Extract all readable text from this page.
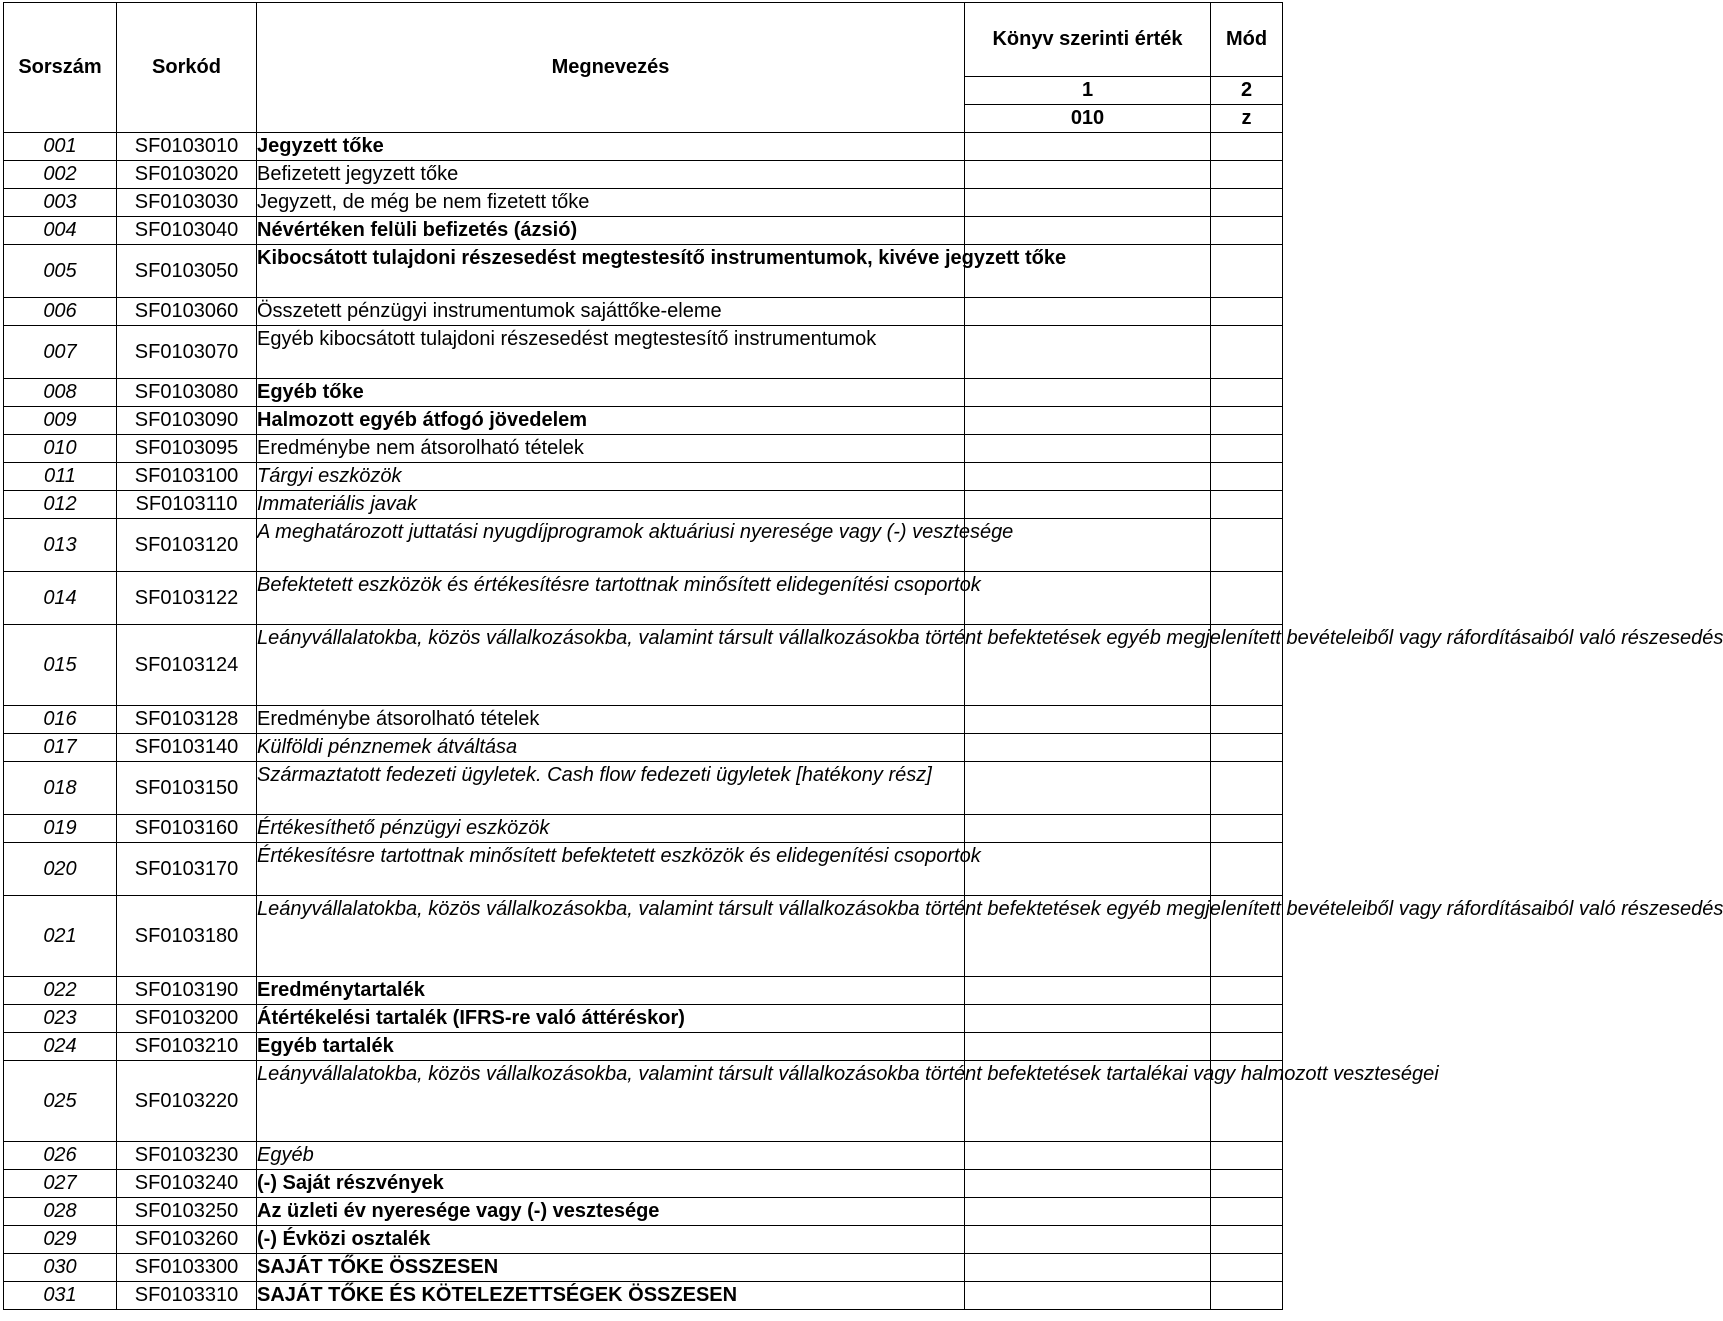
Sorszám	Sorkód	Megnevezés	Könyv szerinti érték	Mód
			1	2
			010	z
001	SF0103010	Jegyzett tőke		
002	SF0103020	Befizetett jegyzett tőke		

003	SF0103030	Jegyzett, de még be nem fizetett tőke		

004	SF0103040	Névértéken felüli befizetés (ázsió)		
005	SF0103050	Kibocsátott tulajdoni részesedést megtestesítő instrumentumok, kivéve jegyzett tőke		
006	SF0103060	Összetett pénzügyi instrumentumok sajáttőke-eleme		

007	SF0103070	Egyéb kibocsátott tulajdoni részesedést megtestesítő instrumentumok		

008	SF0103080	Egyéb tőke		
009	SF0103090	Halmozott egyéb átfogó jövedelem		
010	SF0103095	Eredménybe nem átsorolható tételek		

011	SF0103100	Tárgyi eszközök		

012	SF0103110	Immateriális javak		

013	SF0103120	A meghatározott juttatási nyugdíjprogramok aktuáriusi nyeresége vagy (-) vesztesége		

014	SF0103122	Befektetett eszközök és értékesítésre tartottnak minősített elidegenítési csoportok		

015	SF0103124	Leányvállalatokba, közös vállalkozásokba, valamint társult vállalkozásokba történt befektetések egyéb megjelenített bevételeiből vagy ráfordításaiból való részesedés		

016	SF0103128	Eredménybe átsorolható tételek		

017	SF0103140	Külföldi pénznemek átváltása		

018	SF0103150	Származtatott fedezeti ügyletek. Cash flow fedezeti ügyletek [hatékony rész]		

019	SF0103160	Értékesíthető pénzügyi eszközök		

020	SF0103170	Értékesítésre tartottnak minősített befektetett eszközök és elidegenítési csoportok		

021	SF0103180	Leányvállalatokba, közös vállalkozásokba, valamint társult vállalkozásokba történt befektetések egyéb megjelenített bevételeiből vagy ráfordításaiból való részesedés		

022	SF0103190	Eredménytartalék		
023	SF0103200	Átértékelési tartalék (IFRS-re való áttéréskor)		
024	SF0103210	Egyéb tartalék		
025	SF0103220	Leányvállalatokba, közös vállalkozásokba, valamint társult vállalkozásokba történt befektetések tartalékai vagy halmozott veszteségei		

026	SF0103230	Egyéb		

027	SF0103240	(-) Saját részvények		
028	SF0103250	Az üzleti év nyeresége vagy (-) vesztesége		
029	SF0103260	(-) Évközi osztalék		
030	SF0103300	SAJÁT TŐKE ÖSSZESEN		
031	SF0103310	SAJÁT TŐKE ÉS KÖTELEZETTSÉGEK ÖSSZESEN		
